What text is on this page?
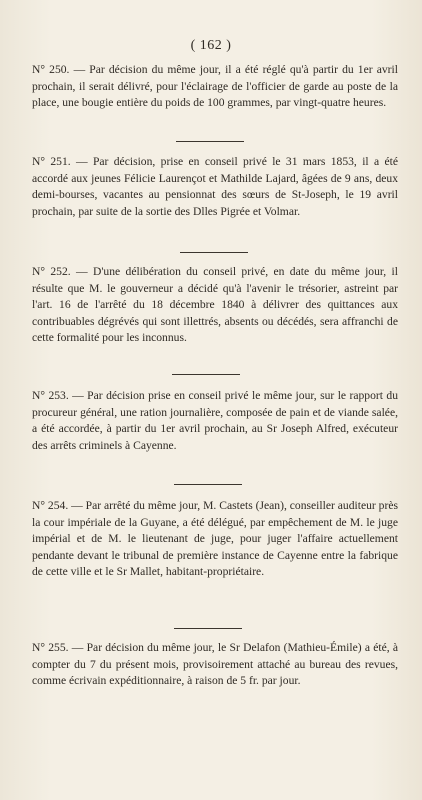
( 162 )
N° 250. — Par décision du même jour, il a été réglé qu'à partir du 1er avril prochain, il serait délivré, pour l'éclairage de l'officier de garde au poste de la place, une bougie entière du poids de 100 grammes, par vingt-quatre heures.
N° 251. — Par décision, prise en conseil privé le 31 mars 1853, il a été accordé aux jeunes Félicie Laurençot et Mathilde Lajard, âgées de 9 ans, deux demi-bourses, vacantes au pensionnat des sœurs de St-Joseph, le 19 avril prochain, par suite de la sortie des Dlles Pigrée et Volmar.
N° 252. — D'une délibération du conseil privé, en date du même jour, il résulte que M. le gouverneur a décidé qu'à l'avenir le trésorier, astreint par l'art. 16 de l'arrêté du 18 décembre 1840 à délivrer des quittances aux contribuables dégrévés qui sont illettrés, absents ou décédés, sera affranchi de cette formalité pour les inconnus.
N° 253. — Par décision prise en conseil privé le même jour, sur le rapport du procureur général, une ration journalière, composée de pain et de viande salée, a été accordée, à partir du 1er avril prochain, au Sr Joseph Alfred, exécuteur des arrêts criminels à Cayenne.
N° 254. — Par arrêté du même jour, M. Castets (Jean), conseiller auditeur près la cour impériale de la Guyane, a été délégué, par empêchement de M. le juge impérial et de M. le lieutenant de juge, pour juger l'affaire actuellement pendante devant le tribunal de première instance de Cayenne entre la fabrique de cette ville et le Sr Mallet, habitant-propriétaire.
N° 255. — Par décision du même jour, le Sr Delafon (Mathieu-Émile) a été, à compter du 7 du présent mois, provisoirement attaché au bureau des revues, comme écrivain expéditionnaire, à raison de 5 fr. par jour.
